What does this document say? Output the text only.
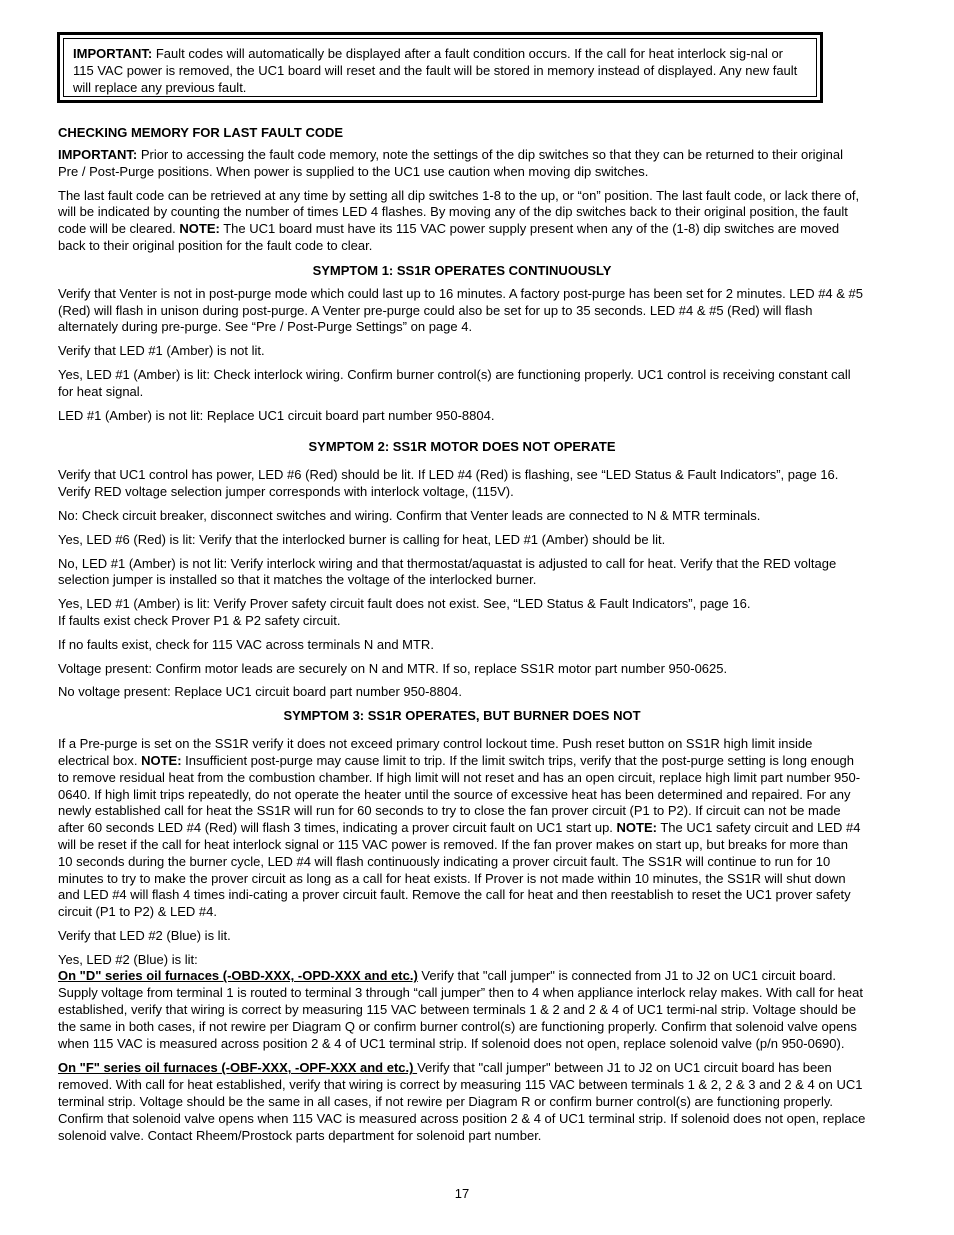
IMPORTANT: Fault codes will automatically be displayed after a fault condition occurs. If the call for heat interlock sig-nal or 115 VAC power is removed, the UC1 board will reset and the fault will be stored in memory instead of displayed. Any new fault will replace any previous fault.
CHECKING MEMORY FOR LAST FAULT CODE

IMPORTANT: Prior to accessing the fault code memory, note the settings of the dip switches so that they can be returned to their original Pre / Post-Purge positions. When power is supplied to the UC1 use caution when moving dip switches.

The last fault code can be retrieved at any time by setting all dip switches 1-8 to the up, or “on” position. The last fault code, or lack there of, will be indicated by counting the number of times LED 4 flashes. By moving any of the dip switches back to their original position, the fault code will be cleared. NOTE: The UC1 board must have its 115 VAC power supply present when any of the (1-8) dip switches are moved back to their original position for the fault code to clear.

SYMPTOM 1: SS1R OPERATES CONTINUOUSLY

Verify that Venter is not in post-purge mode which could last up to 16 minutes. A factory post-purge has been set for 2 minutes. LED #4 & #5 (Red) will flash in unison during post-purge. A Venter pre-purge could also be set for up to 35 seconds. LED #4 & #5 (Red) will flash alternately during pre-purge. See “Pre / Post-Purge Settings” on page 4.

Verify that LED #1 (Amber) is not lit.

Yes, LED #1 (Amber) is lit: Check interlock wiring. Confirm burner control(s) are functioning properly. UC1 control is receiving constant call for heat signal.

LED #1 (Amber) is not lit: Replace UC1 circuit board part number 950-8804.

SYMPTOM 2: SS1R MOTOR DOES NOT OPERATE

Verify that UC1 control has power, LED #6 (Red) should be lit. If LED #4 (Red) is flashing, see “LED Status & Fault Indicators”, page 16. Verify RED voltage selection jumper corresponds with interlock voltage, (115V).

No: Check circuit breaker, disconnect switches and wiring. Confirm that Venter leads are connected to N & MTR terminals.

Yes, LED #6 (Red) is lit: Verify that the interlocked burner is calling for heat, LED #1 (Amber) should be lit.

No, LED #1 (Amber) is not lit: Verify interlock wiring and that thermostat/aquastat is adjusted to call for heat. Verify that the RED voltage selection jumper is installed so that it matches the voltage of the interlocked burner.

Yes, LED #1 (Amber) is lit: Verify Prover safety circuit fault does not exist. See, “LED Status & Fault Indicators”, page 16.
If faults exist check Prover P1 & P2 safety circuit.

If no faults exist, check for 115 VAC across terminals N and MTR.

Voltage present: Confirm motor leads are securely on N and MTR. If so, replace SS1R motor part number 950-0625.

No voltage present: Replace UC1 circuit board part number 950-8804.

SYMPTOM 3: SS1R OPERATES, BUT BURNER DOES NOT

If a Pre-purge is set on the SS1R verify it does not exceed primary control lockout time. Push reset button on SS1R high limit inside electrical box. NOTE: Insufficient post-purge may cause limit to trip. If the limit switch trips, verify that the post-purge setting is long enough to remove residual heat from the combustion chamber. If high limit will not reset and has an open circuit, replace high limit part number 950-0640. If high limit trips repeatedly, do not operate the heater until the source of excessive heat has been determined and repaired. For any newly established call for heat the SS1R will run for 60 seconds to try to close the fan prover circuit (P1 to P2). If circuit can not be made after 60 seconds LED #4 (Red) will flash 3 times, indicating a prover circuit fault on UC1 start up. NOTE: The UC1 safety circuit and LED #4 will be reset if the call for heat interlock signal or 115 VAC power is removed. If the fan prover makes on start up, but breaks for more than 10 seconds during the burner cycle, LED #4 will flash continuously indicating a prover circuit fault. The SS1R will continue to run for 10 minutes to try to make the prover circuit as long as a call for heat exists. If Prover is not made within 10 minutes, the SS1R will shut down and LED #4 will flash 4 times indi-cating a prover circuit fault. Remove the call for heat and then reestablish to reset the UC1 prover safety circuit (P1 to P2) & LED #4.

Verify that LED #2 (Blue) is lit.

Yes, LED #2 (Blue) is lit:
On "D" series oil furnaces (-OBD-XXX, -OPD-XXX and etc.) Verify that "call jumper" is connected from J1 to J2 on UC1 circuit board. Supply voltage from terminal 1 is routed to terminal 3 through “call jumper” then to 4 when appliance interlock relay makes. With call for heat established, verify that wiring is correct by measuring 115 VAC between terminals 1 & 2 and 2 & 4 of UC1 termi-nal strip. Voltage should be the same in both cases, if not rewire per Diagram Q or confirm burner control(s) are functioning properly. Confirm that solenoid valve opens when 115 VAC is measured across position 2 & 4 of UC1 terminal strip. If solenoid does not open, replace solenoid valve (p/n 950-0690).

On "F" series oil furnaces (-OBF-XXX, -OPF-XXX and etc.) Verify that "call jumper" between J1 to J2 on UC1 circuit board has been removed. With call for heat established, verify that wiring is correct by measuring 115 VAC between terminals 1 & 2, 2 & 3 and 2 & 4 on UC1 terminal strip. Voltage should be the same in all cases, if not rewire per Diagram R or confirm burner control(s) are functioning properly. Confirm that solenoid valve opens when 115 VAC is measured across position 2 & 4 of UC1 terminal strip. If solenoid does not open, replace solenoid valve. Contact Rheem/Prostock parts department for solenoid part number.

17
